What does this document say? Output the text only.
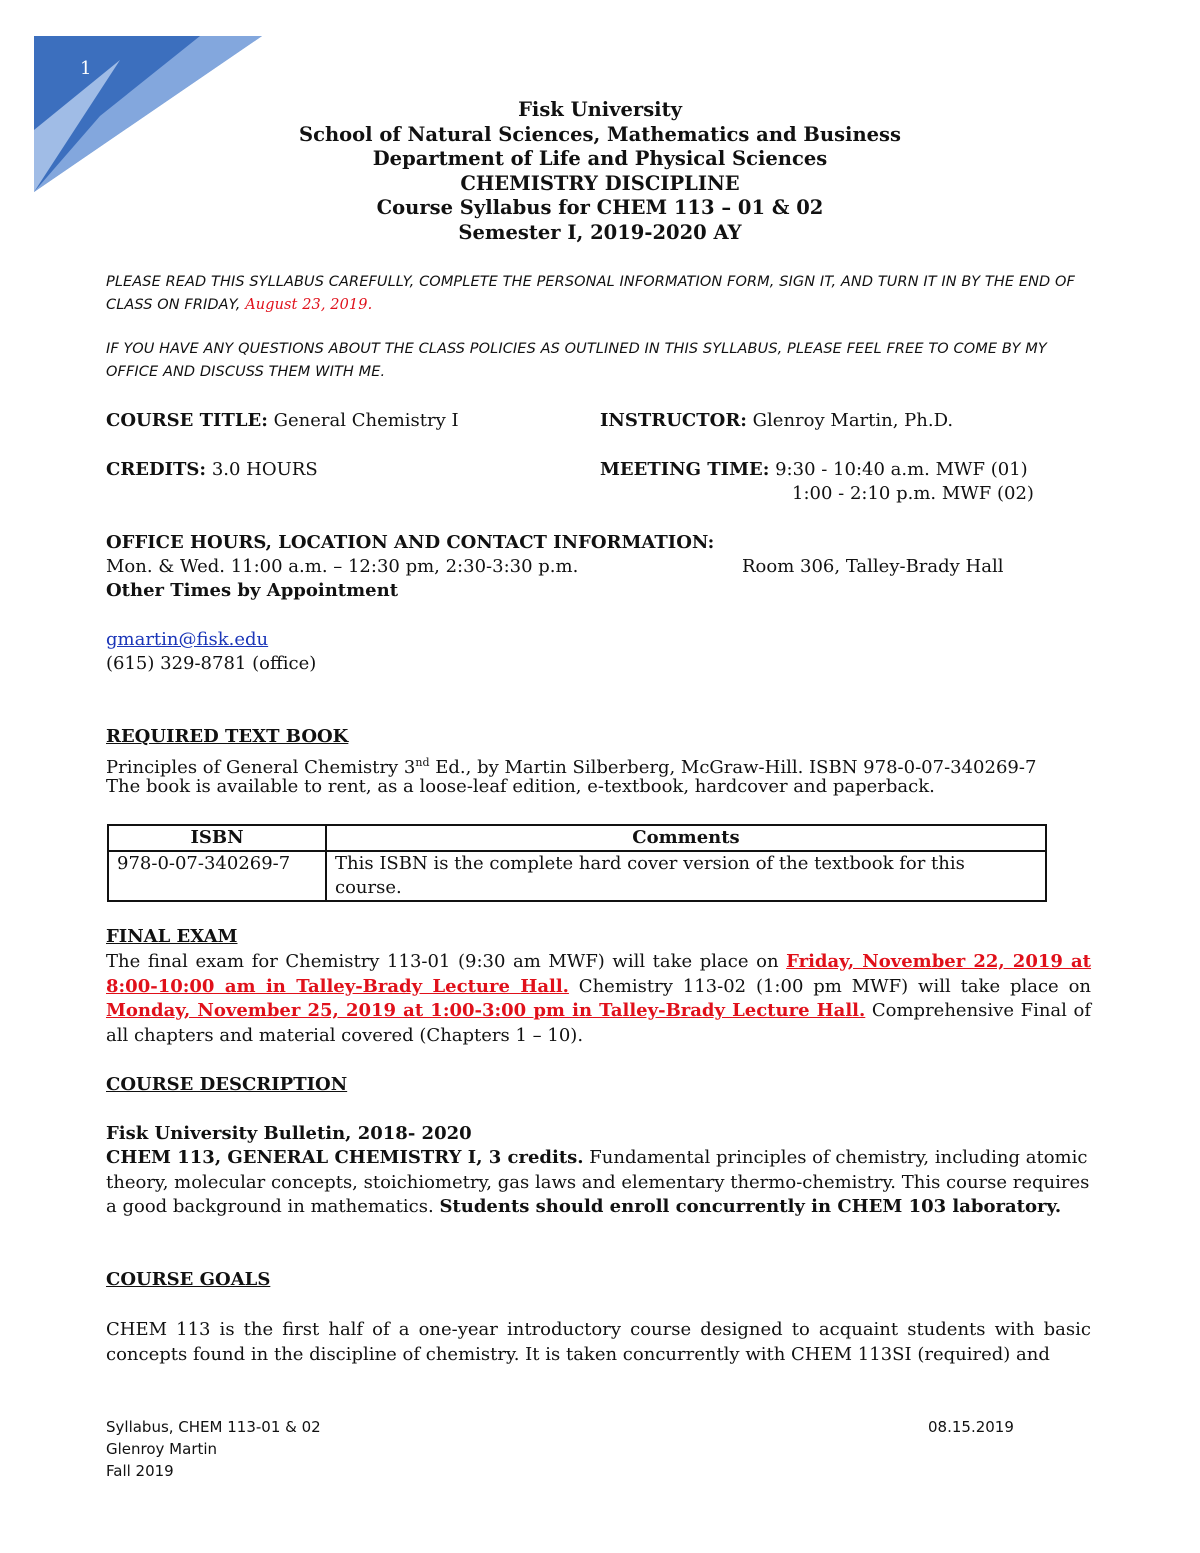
1
Fisk University
School of Natural Sciences, Mathematics and Business
Department of Life and Physical Sciences
CHEMISTRY DISCIPLINE
Course Syllabus for CHEM 113 – 01 & 02
Semester I, 2019-2020 AY
PLEASE READ THIS SYLLABUS CAREFULLY, COMPLETE THE PERSONAL INFORMATION FORM, SIGN IT, AND TURN IT IN BY THE END OF CLASS ON FRIDAY, August 23, 2019.
IF YOU HAVE ANY QUESTIONS ABOUT THE CLASS POLICIES AS OUTLINED IN THIS SYLLABUS, PLEASE FEEL FREE TO COME BY MY OFFICE AND DISCUSS THEM WITH ME.
COURSE TITLE: General Chemistry I	INSTRUCTOR: Glenroy Martin, Ph.D.
CREDITS: 3.0 HOURS	MEETING TIME: 9:30 - 10:40 a.m. MWF (01)
1:00 - 2:10 p.m. MWF (02)
OFFICE HOURS, LOCATION AND CONTACT INFORMATION:
Mon. & Wed. 11:00 a.m. – 12:30 pm, 2:30-3:30 p.m.	Room 306, Talley-Brady Hall
Other Times by Appointment
gmartin@fisk.edu
(615) 329-8781 (office)
REQUIRED TEXT BOOK
Principles of General Chemistry 3nd Ed., by Martin Silberberg, McGraw-Hill. ISBN 978-0-07-340269-7
The book is available to rent, as a loose-leaf edition, e-textbook, hardcover and paperback.
ISBN	Comments
978-0-07-340269-7	This ISBN is the complete hard cover version of the textbook for this course.
FINAL EXAM
The final exam for Chemistry 113-01 (9:30 am MWF) will take place on Friday, November 22, 2019 at 8:00-10:00 am in Talley-Brady Lecture Hall. Chemistry 113-02 (1:00 pm MWF) will take place on Monday, November 25, 2019 at 1:00-3:00 pm in Talley-Brady Lecture Hall. Comprehensive Final of all chapters and material covered (Chapters 1 – 10).
COURSE DESCRIPTION
Fisk University Bulletin, 2018- 2020
CHEM 113, GENERAL CHEMISTRY I, 3 credits. Fundamental principles of chemistry, including atomic theory, molecular concepts, stoichiometry, gas laws and elementary thermo-chemistry. This course requires a good background in mathematics. Students should enroll concurrently in CHEM 103 laboratory.
COURSE GOALS
CHEM 113 is the first half of a one-year introductory course designed to acquaint students with basic concepts found in the discipline of chemistry. It is taken concurrently with CHEM 113SI (required) and
Syllabus, CHEM 113-01 & 02
Glenroy Martin
Fall 2019
08.15.2019
